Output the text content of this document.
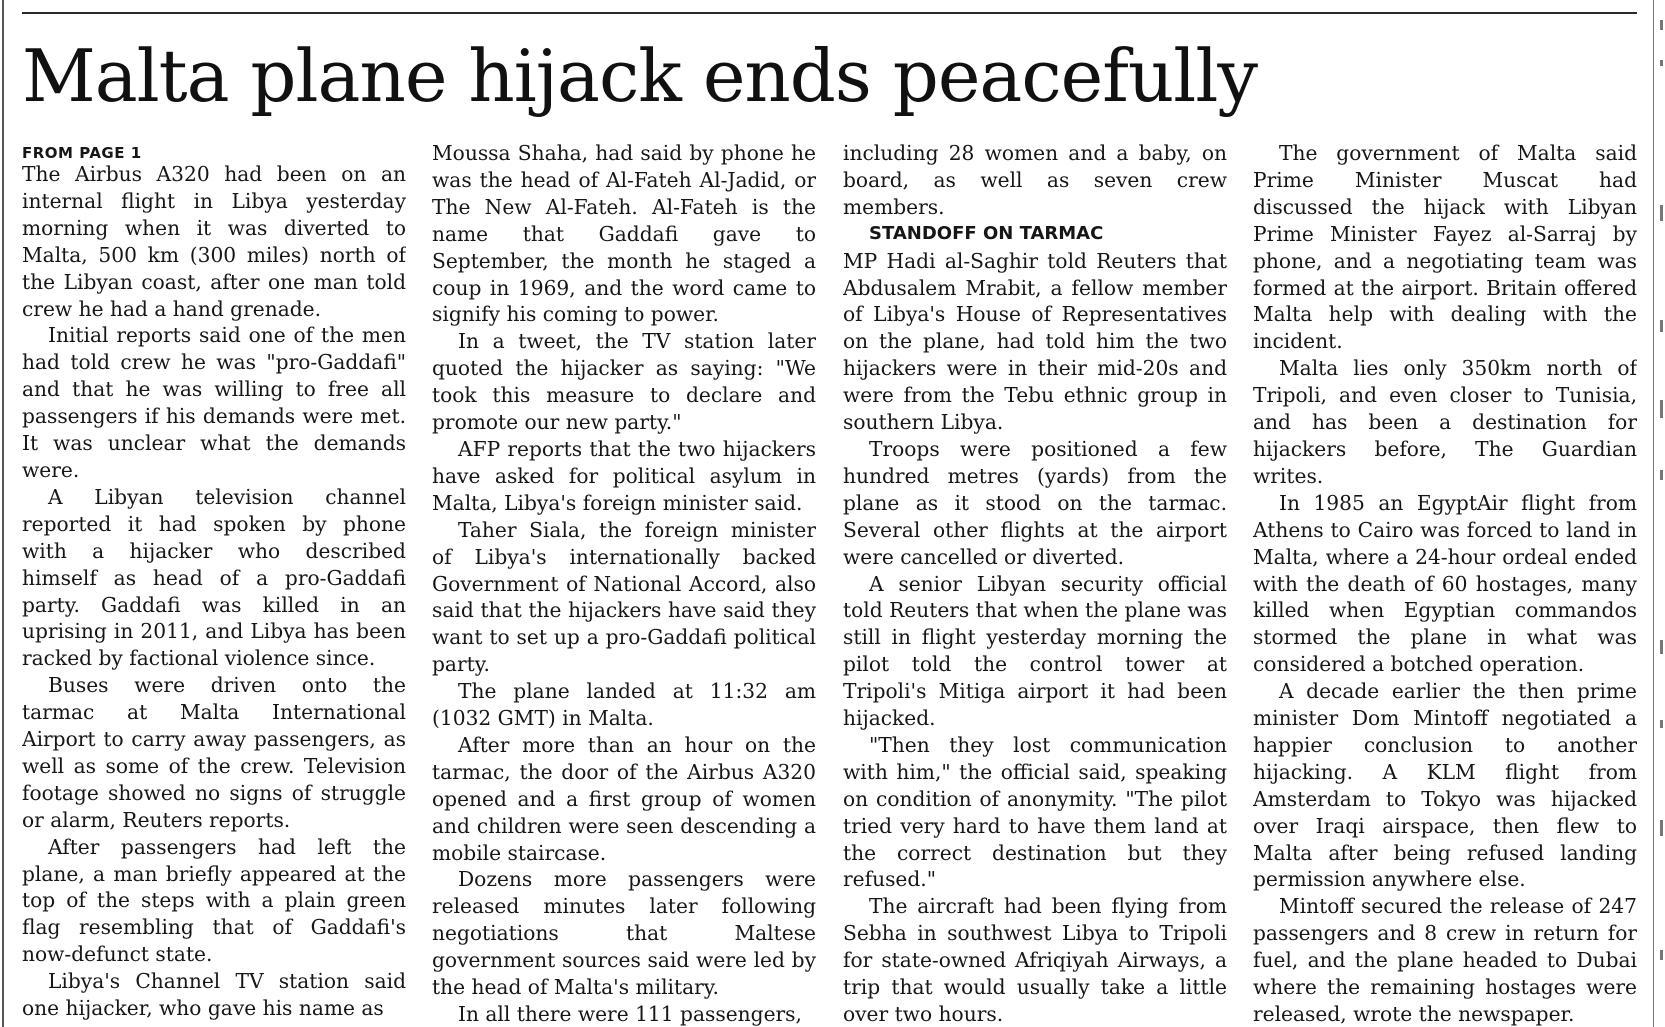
Malta plane hijack ends peacefully
FROM PAGE 1

The Airbus A320 had been on an internal flight in Libya yesterday morning when it was diverted to Malta, 500 km (300 miles) north of the Libyan coast, after one man told crew he had a hand grenade.

Initial reports said one of the men had told crew he was "pro-Gaddafi" and that he was willing to free all passengers if his demands were met. It was unclear what the demands were.

A Libyan television channel reported it had spoken by phone with a hijacker who described himself as head of a pro-Gaddafi party. Gaddafi was killed in an uprising in 2011, and Libya has been racked by factional violence since.

Buses were driven onto the tarmac at Malta International Airport to carry away passengers, as well as some of the crew. Television footage showed no signs of struggle or alarm, Reuters reports.

After passengers had left the plane, a man briefly appeared at the top of the steps with a plain green flag resembling that of Gaddafi's now-defunct state.

Libya's Channel TV station said one hijacker, who gave his name as

Moussa Shaha, had said by phone he was the head of Al-Fateh Al-Jadid, or The New Al-Fateh. Al-Fateh is the name that Gaddafi gave to September, the month he staged a coup in 1969, and the word came to signify his coming to power.

In a tweet, the TV station later quoted the hijacker as saying: "We took this measure to declare and promote our new party."

AFP reports that the two hijackers have asked for political asylum in Malta, Libya's foreign minister said.

Taher Siala, the foreign minister of Libya's internationally backed Government of National Accord, also said that the hijackers have said they want to set up a pro-Gaddafi political party.

The plane landed at 11:32 am (1032 GMT) in Malta.

After more than an hour on the tarmac, the door of the Airbus A320 opened and a first group of women and children were seen descending a mobile staircase.

Dozens more passengers were released minutes later following negotiations that Maltese government sources said were led by the head of Malta's military.

In all there were 111 passengers,

including 28 women and a baby, on board, as well as seven crew members.

STANDOFF ON TARMAC

MP Hadi al-Saghir told Reuters that Abdusalem Mrabit, a fellow member of Libya's House of Representatives on the plane, had told him the two hijackers were in their mid-20s and were from the Tebu ethnic group in southern Libya.

Troops were positioned a few hundred metres (yards) from the plane as it stood on the tarmac. Several other flights at the airport were cancelled or diverted.

A senior Libyan security official told Reuters that when the plane was still in flight yesterday morning the pilot told the control tower at Tripoli's Mitiga airport it had been hijacked.

"Then they lost communication with him," the official said, speaking on condition of anonymity. "The pilot tried very hard to have them land at the correct destination but they refused."

The aircraft had been flying from Sebha in southwest Libya to Tripoli for state-owned Afriqiyah Airways, a trip that would usually take a little over two hours.

The government of Malta said Prime Minister Muscat had discussed the hijack with Libyan Prime Minister Fayez al-Sarraj by phone, and a negotiating team was formed at the airport. Britain offered Malta help with dealing with the incident.

Malta lies only 350km north of Tripoli, and even closer to Tunisia, and has been a destination for hijackers before, The Guardian writes.

In 1985 an EgyptAir flight from Athens to Cairo was forced to land in Malta, where a 24-hour ordeal ended with the death of 60 hostages, many killed when Egyptian commandos stormed the plane in what was considered a botched operation.

A decade earlier the then prime minister Dom Mintoff negotiated a happier conclusion to another hijacking. A KLM flight from Amsterdam to Tokyo was hijacked over Iraqi airspace, then flew to Malta after being refused landing permission anywhere else.

Mintoff secured the release of 247 passengers and 8 crew in return for fuel, and the plane headed to Dubai where the remaining hostages were released, wrote the newspaper.
